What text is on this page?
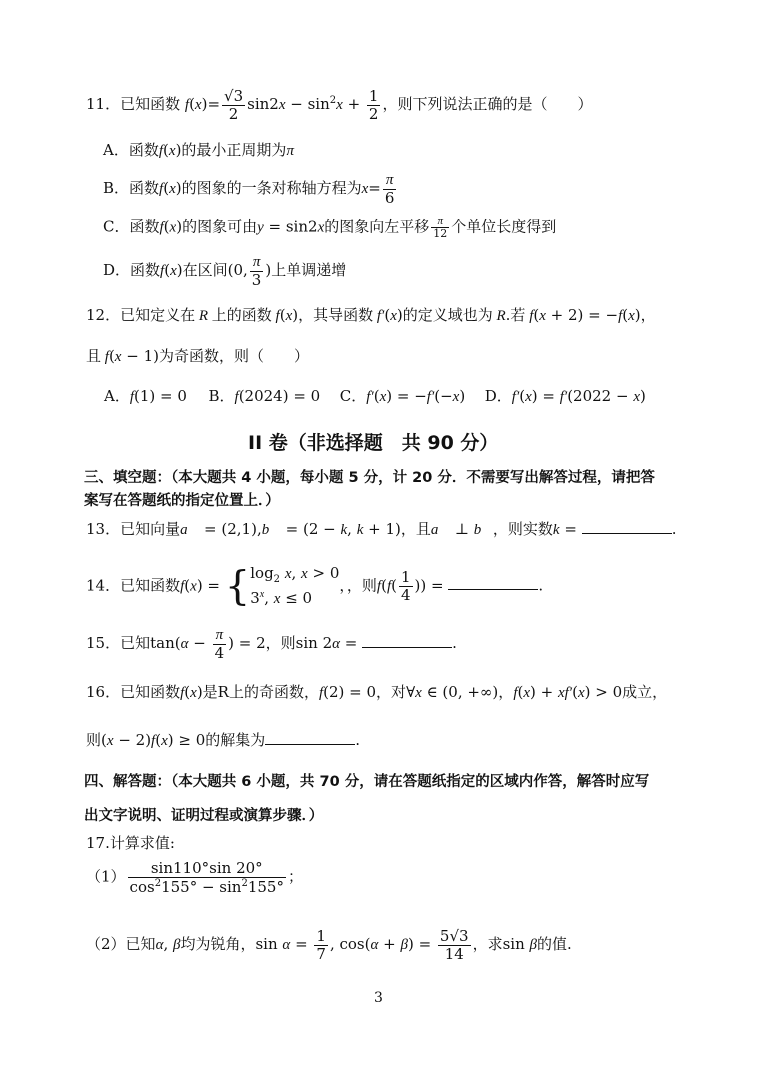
11．已知函数 $f(x)= \frac{√3}{2} \sin 2x - \sin^2x + \frac{1}{2}$ ，则下列说法正确的是（　　）
A．函数f(x)的最小正周期为π
B．函数f(x)的图象的一条对称轴方程为$x= \frac{\pi}{6}$
C．函数f(x)的图象可由y = sin2x的图象向左平移 $\frac{\pi}{12}$ 个单位长度得到
D．函数f(x)在区间(0, $\frac{\pi}{3}$ )上单调递增
12．已知定义在 R 上的函数 f(x)，其导函数 f′(x)的定义域也为 R.若 f(x + 2) = −f(x)，
且 f(x − 1)为奇函数，则（　　）
A．f(1) = 0 B．f(2024) = 0 C．f′(x) = −f′(−x) D．f′(x) = f′(2022 − x)
II 卷（非选择题　共 90 分）
三、填空题：（本大题共 4 小题，每小题 5 分，计 20 分．不需要写出解答过程，请把答
案写在答题纸的指定位置上．）
13．已知向量a⃗ = (2,1),b⃗ = (2 − k, k + 1)，且a⃗ ⊥ b⃗，则实数k =	.
14．已知函数f(x) = { $\log_2 x$, x > 0
3$^x$, x ≤ 0
，，则$f(f( \frac{1}{4}$ )) =	.
15．已知$\tan(\alpha - \frac{\pi}{4}$ ) = 2，则sin 2α =	.
16．已知函数f(x)是R上的奇函数，f(2) = 0，对∀x ∈ (0, +∞)，f(x) + xf′(x) > 0成立，
则(x − 2)f(x) ≥ 0的解集为	.
四、解答题：（本大题共 6 小题，共 70 分，请在答题纸指定的区域内作答，解答时应写
出文字说明、证明过程或演算步骤．）
17.计算求值:
$(1) \frac{\sin 110^\circ\sin 20^\circ}{\cos^2155^\circ - \sin^2155^\circ}$ ；
（2）已知α, β均为锐角，$\sin \alpha = \frac{1}{7}$ , $\cos(\alpha + \beta) = \frac{5√3}{14}$ ，求sin β的值.
3
